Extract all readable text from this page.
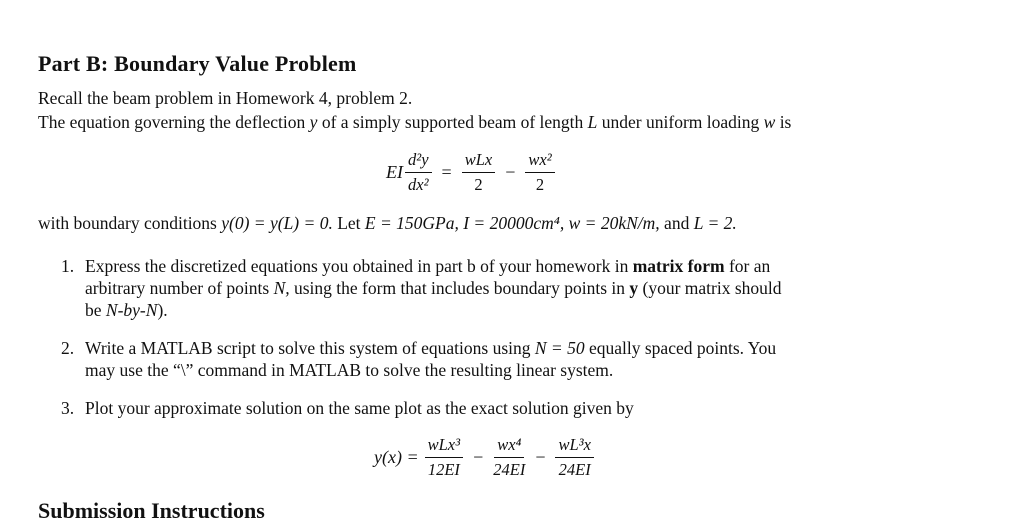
Part B: Boundary Value Problem
Recall the beam problem in Homework 4, problem 2.
The equation governing the deflection y of a simply supported beam of length L under uniform loading w is
EI $\frac{\text{d²y}}{\text{dx²}} = \frac{\text{wLx}}{2} - \frac{\text{wx²}}{2}$
with boundary conditions y(0) = y(L) = 0. Let E = 150GPa, I = 20000cm⁴, w = 20kN/m, and L = 2.
1. Express the discretized equations you obtained in part b of your homework in matrix form for an
arbitrary number of points N, using the form that includes boundary points in y (your matrix should
be N-by-N).
2. Write a MATLAB script to solve this system of equations using N = 50 equally spaced points. You
may use the “\” command in MATLAB to solve the resulting linear system.
3. Plot your approximate solution on the same plot as the exact solution given by
$y(x) = \frac{\text{wLx³}}{12EI} - \frac{\text{wx⁴}}{24EI} - \frac{\text{wL³x}}{24EI}$
Submission Instructions
